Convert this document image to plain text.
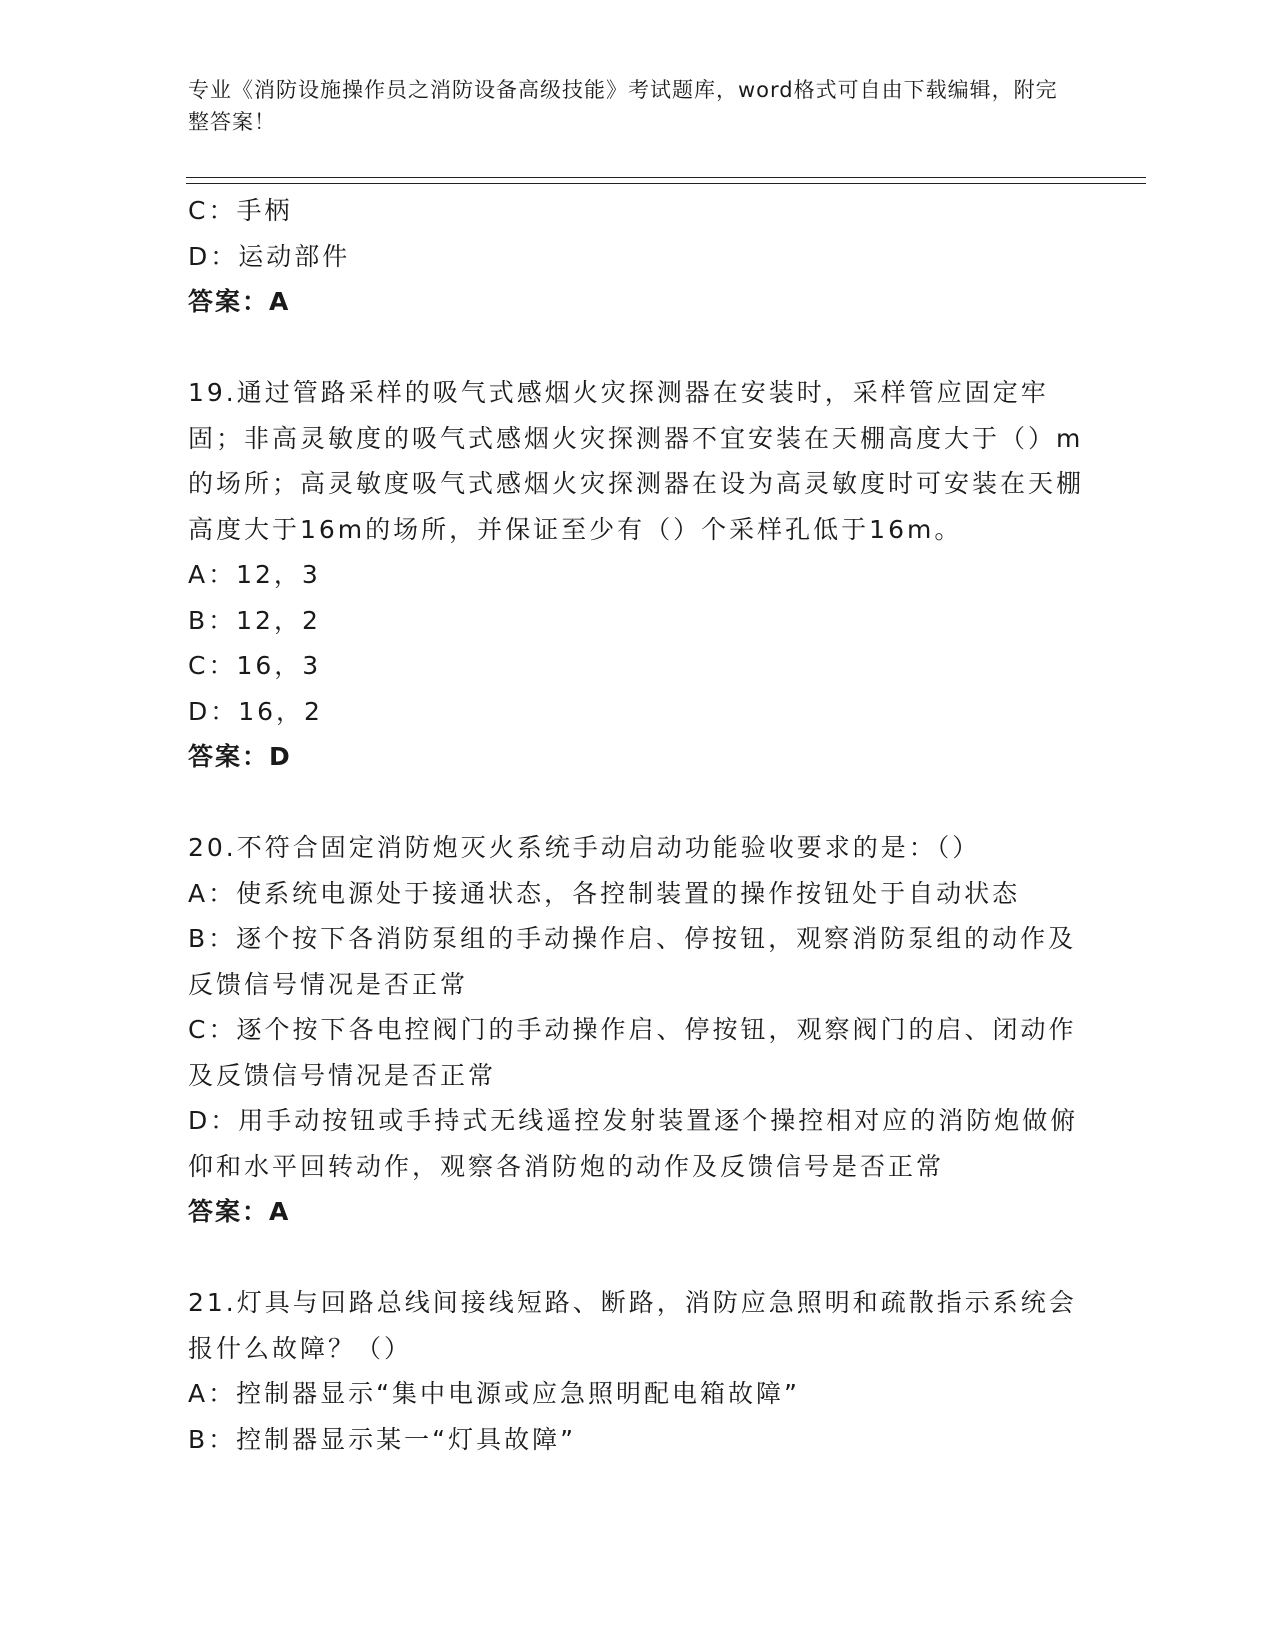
专业《消防设施操作员之消防设备高级技能》考试题库，word格式可自由下载编辑，附完整答案！
C：手柄
D：运动部件
答案：A
19.通过管路采样的吸气式感烟火灾探测器在安装时，采样管应固定牢固；非高灵敏度的吸气式感烟火灾探测器不宜安装在天棚高度大于（）m的场所；高灵敏度吸气式感烟火灾探测器在设为高灵敏度时可安装在天棚高度大于16m的场所，并保证至少有（）个采样孔低于16m。
A：12，3
B：12，2
C：16，3
D：16，2
答案：D
20.不符合固定消防炮灭火系统手动启动功能验收要求的是：（）
A：使系统电源处于接通状态，各控制装置的操作按钮处于自动状态
B：逐个按下各消防泵组的手动操作启、停按钮，观察消防泵组的动作及反馈信号情况是否正常
C：逐个按下各电控阀门的手动操作启、停按钮，观察阀门的启、闭动作及反馈信号情况是否正常
D：用手动按钮或手持式无线遥控发射装置逐个操控相对应的消防炮做俯仰和水平回转动作，观察各消防炮的动作及反馈信号是否正常
答案：A
21.灯具与回路总线间接线短路、断路，消防应急照明和疏散指示系统会报什么故障？（）
A：控制器显示“集中电源或应急照明配电箱故障”
B：控制器显示某一“灯具故障”
